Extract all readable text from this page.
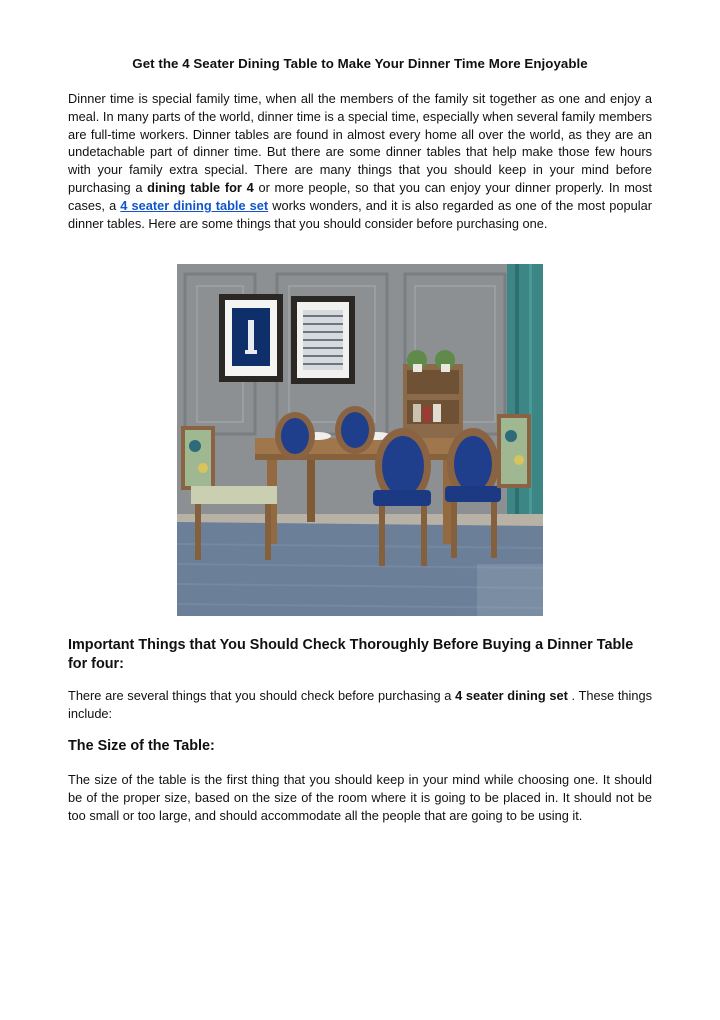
Get the 4 Seater Dining Table to Make Your Dinner Time More Enjoyable

Dinner time is special family time, when all the members of the family sit together as one and enjoy a meal. In many parts of the world, dinner time is a special time, especially when several family members are full-time workers. Dinner tables are found in almost every home all over the world, as they are an undetachable part of dinner time. But there are some dinner tables that help make those few hours with your family extra special. There are many things that you should keep in your mind before purchasing a dining table for 4 or more people, so that you can enjoy your dinner properly. In most cases, a 4 seater dining table set works wonders, and it is also regarded as one of the most popular dinner tables. Here are some things that you should consider before purchasing one.

Important Things that You Should Check Thoroughly Before Buying a Dinner Table for four:

There are several things that you should check before purchasing a 4 seater dining set . These things include:

The Size of the Table:

The size of the table is the first thing that you should keep in your mind while choosing one. It should be of the proper size, based on the size of the room where it is going to be placed in. It should not be too small or too large, and should accommodate all the people that are going to be using it.
